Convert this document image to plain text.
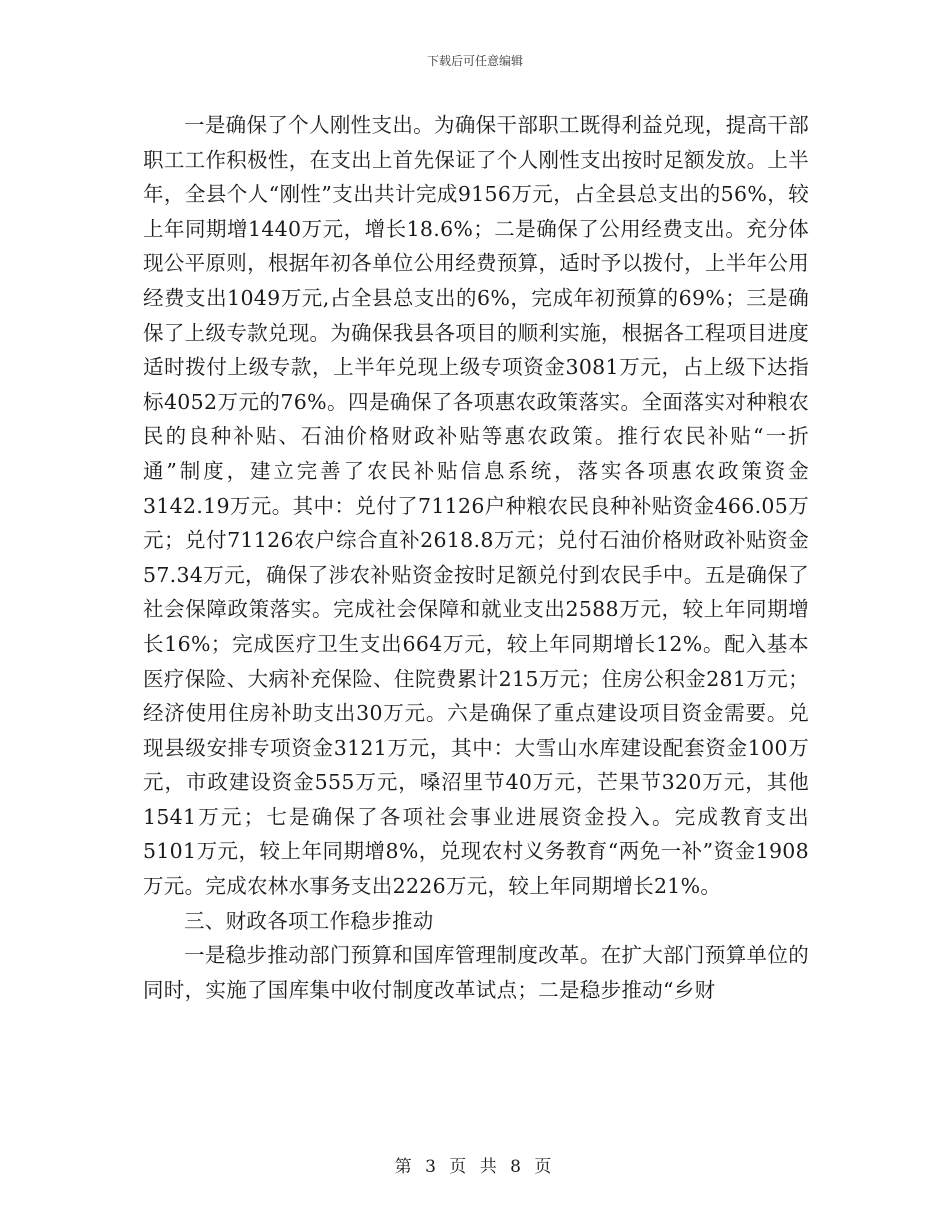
下载后可任意编辑

一是确保了个人刚性支出。为确保干部职工既得利益兑现，提高干部职工工作积极性，在支出上首先保证了个人刚性支出按时足额发放。上半年，全县个人“刚性”支出共计完成9156万元，占全县总支出的56%，较上年同期增1440万元，增长18.6%；二是确保了公用经费支出。充分体现公平原则，根据年初各单位公用经费预算，适时予以拨付，上半年公用经费支出1049万元,占全县总支出的6%，完成年初预算的69%；三是确保了上级专款兑现。为确保我县各项目的顺利实施，根据各工程项目进度适时拨付上级专款，上半年兑现上级专项资金3081万元，占上级下达指标4052万元的76%。四是确保了各项惠农政策落实。全面落实对种粮农民的良种补贴、石油价格财政补贴等惠农政策。推行农民补贴“一折通”制度，建立完善了农民补贴信息系统，落实各项惠农政策资金3142.19万元。其中：兑付了71126户种粮农民良种补贴资金466.05万元；兑付71126农户综合直补2618.8万元；兑付石油价格财政补贴资金57.34万元，确保了涉农补贴资金按时足额兑付到农民手中。五是确保了社会保障政策落实。完成社会保障和就业支出2588万元，较上年同期增长16%；完成医疗卫生支出664万元，较上年同期增长12%。配入基本医疗保险、大病补充保险、住院费累计215万元；住房公积金281万元；经济使用住房补助支出30万元。六是确保了重点建设项目资金需要。兑现县级安排专项资金3121万元，其中：大雪山水库建设配套资金100万元，市政建设资金555万元，嗓沼里节40万元，芒果节320万元，其他1541万元；七是确保了各项社会事业进展资金投入。完成教育支出5101万元，较上年同期增8%，兑现农村义务教育“两免一补”资金1908万元。完成农林水事务支出2226万元，较上年同期增长21%。

三、财政各项工作稳步推动

一是稳步推动部门预算和国库管理制度改革。在扩大部门预算单位的同时，实施了国库集中收付制度改革试点；二是稳步推动“乡财

第 3 页 共 8 页
